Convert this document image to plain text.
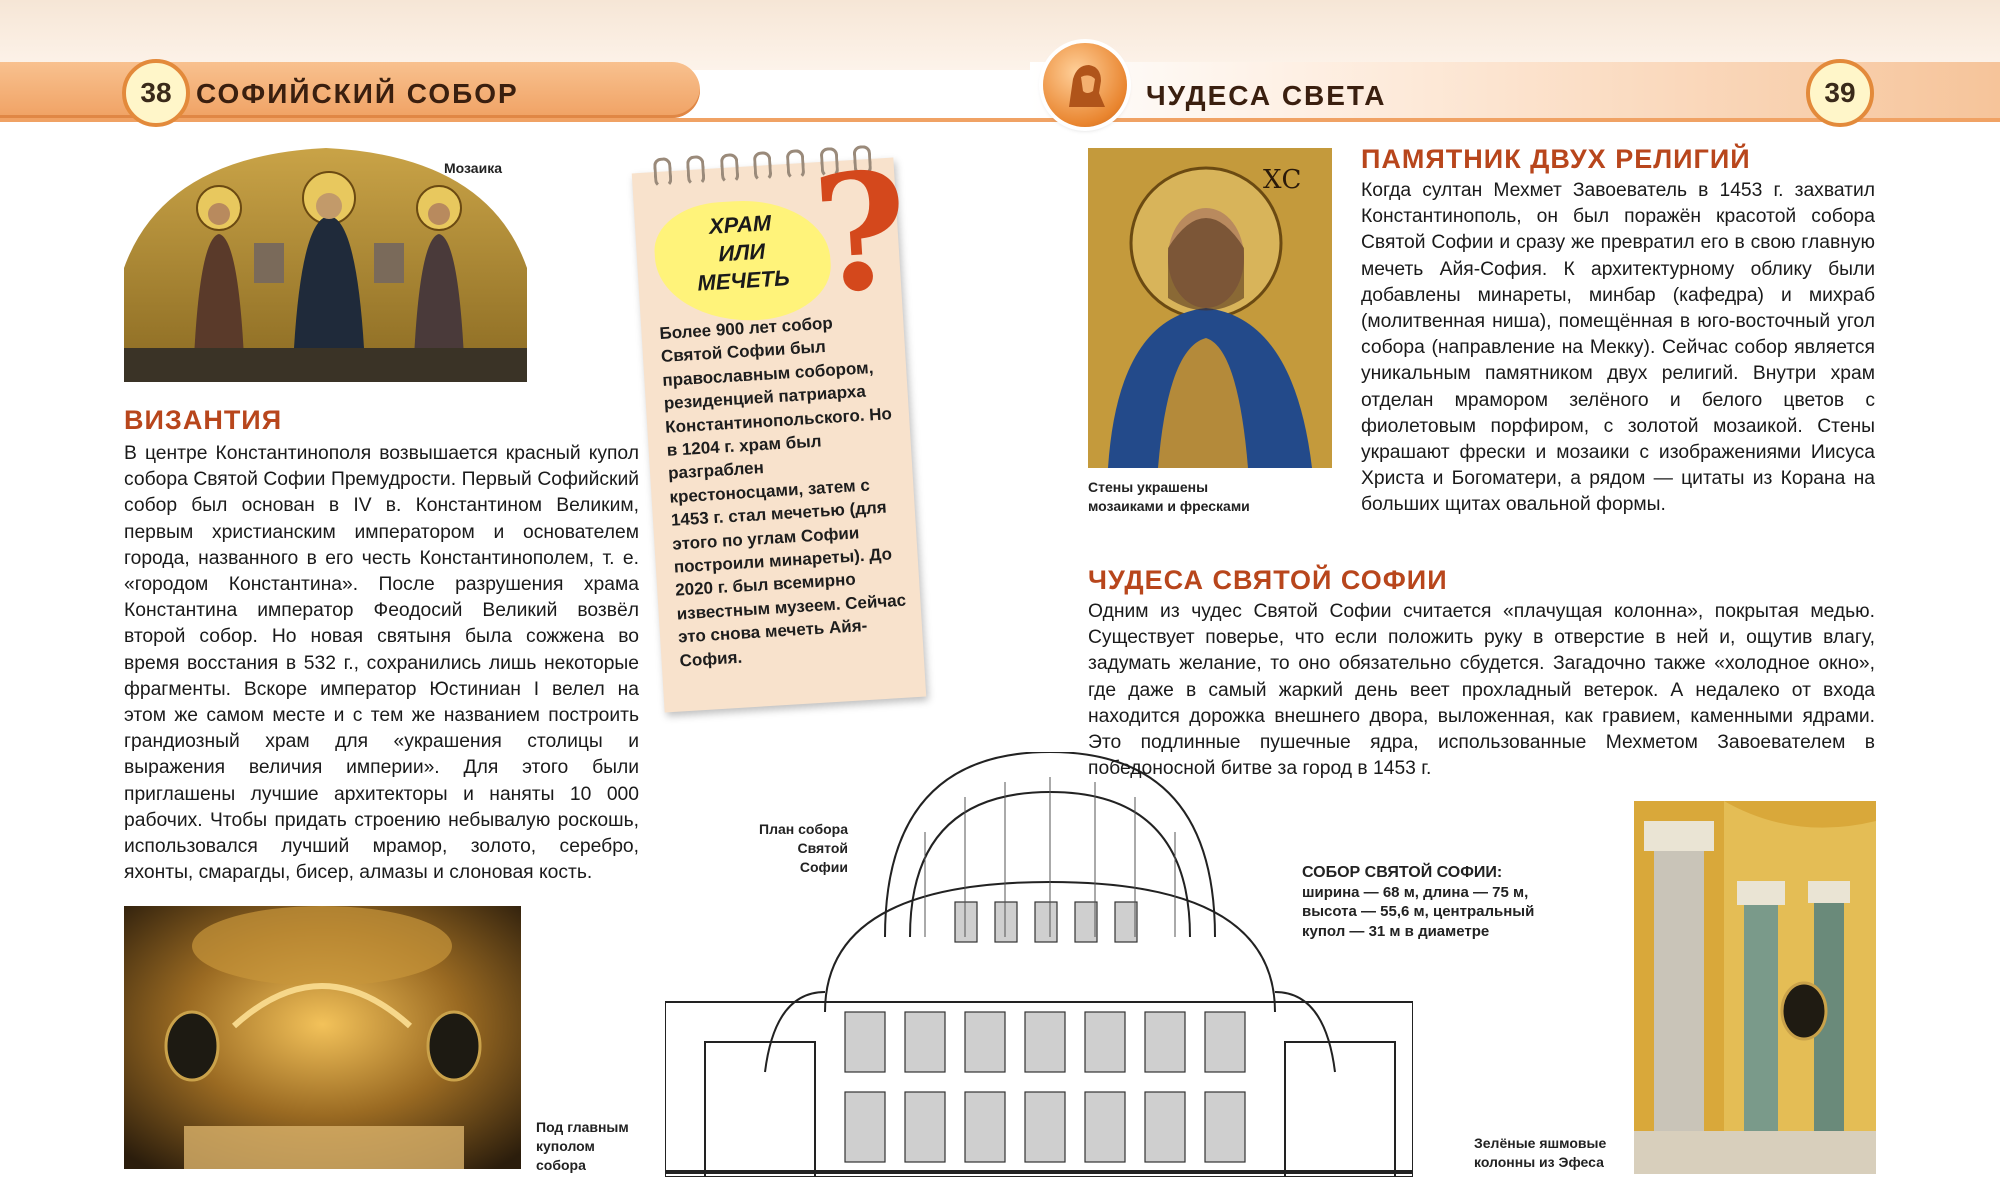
38 СОФИЙСКИЙ СОБОР	ЧУДЕСА СВЕТА	39
Мозаика
ВИЗАНТИЯ
В центре Константинополя возвышается красный купол собора Святой Софии Премудрости. Первый Софийский собор был основан в IV в. Константином Великим, первым христианским императором и основателем города, названного в его честь Константинополем, т. е. «городом Константина». После разрушения храма Константина император Феодосий Великий возвёл второй собор. Но новая святыня была сожжена во время восстания в 532 г., сохранились лишь некоторые фрагменты. Вскоре император Юстиниан I велел на этом же самом месте и с тем же названием построить грандиозный храм для «украшения столицы и выражения величия империи». Для этого были приглашены лучшие архитекторы и наняты 10 000 рабочих. Чтобы придать строению небывалую роскошь, использовался лучший мрамор, золото, серебро, яхонты, смарагды, бисер, алмазы и слоновая кость.
ХРАМ
ИЛИ
МЕЧЕТЬ ?
Более 900 лет собор Святой Софии был православным собором, резиденцией патриарха Константинопольского. Но в 1204 г. храм был разграблен крестоносцами, затем с 1453 г. стал мечетью (для этого по углам Софии построили минареты). До 2020 г. был всемирно известным музеем. Сейчас это снова мечеть Айя-София.
Под главным
куполом
собора
План собора
Святой Софии	СОБОР СВЯТОЙ СОФИИ:
ширина — 68 м, длина — 75 м,
высота — 55,6 м, центральный
купол — 31 м в диаметре
ХС
Стены украшены
мозаиками и фресками
ПАМЯТНИК ДВУХ РЕЛИГИЙ
Когда султан Мехмет Завоеватель в 1453 г. захватил Константинополь, он был поражён красотой собора Святой Софии и сразу же превратил его в свою главную мечеть Айя-София. К архитектурному облику были добавлены минареты, минбар (кафедра) и михраб (молитвенная ниша), помещённая в юго-восточный угол собора (направление на Мекку). Сейчас собор является уникальным памятником двух религий. Внутри храм отделан мрамором зелёного и белого цветов с фиолетовым порфиром, с золотой мозаикой. Стены украшают фрески и мозаики с изображениями Иисуса Христа и Богоматери, а рядом — цитаты из Корана на больших щитах овальной формы.
ЧУДЕСА СВЯТОЙ СОФИИ
Одним из чудес Святой Софии считается «плачущая колонна», покрытая медью. Существует поверье, что если положить руку в отверстие в ней и, ощутив влагу, задумать желание, то оно обязательно сбудется. Загадочно также «холодное окно», где даже в самый жаркий день веет прохладный ветерок. А недалеко от входа находится дорожка внешнего двора, выложенная, как гравием, каменными ядрами. Это подлинные пушечные ядра, использованные Мехметом Завоевателем в победоносной битве за город в 1453 г.
Зелёные яшмовые
колонны из Эфеса
